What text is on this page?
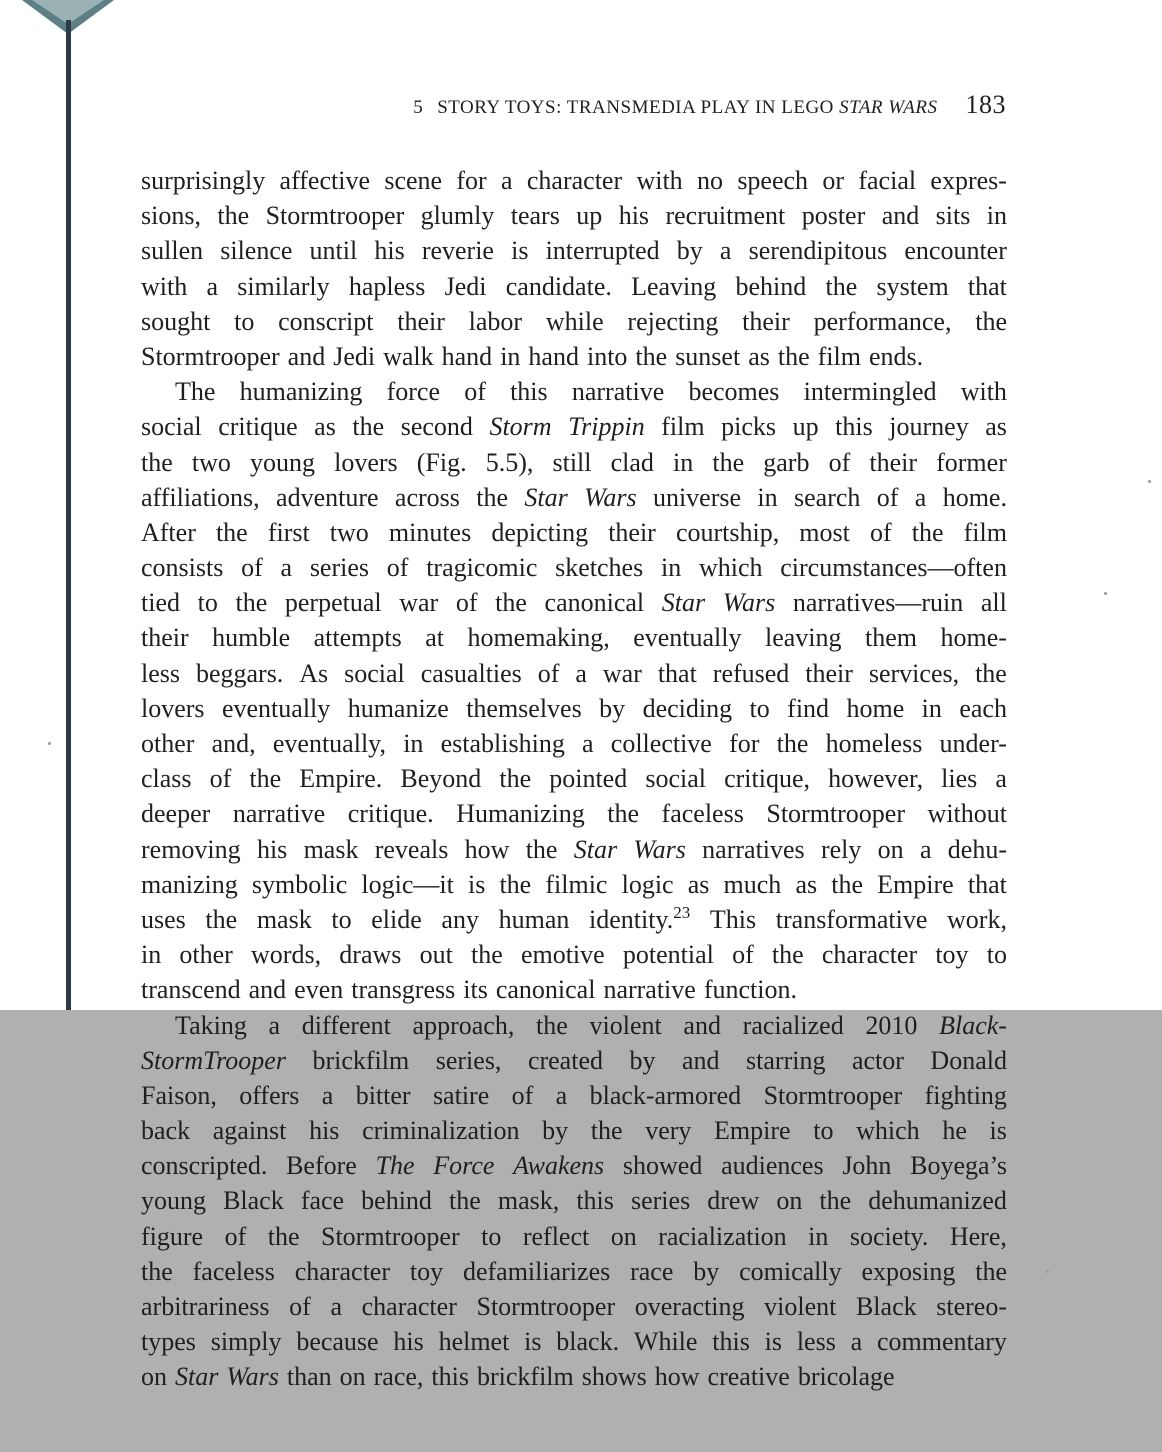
5 STORY TOYS: TRANSMEDIA PLAY IN LEGO STAR WARS 183
surprisingly affective scene for a character with no speech or facial expres-
sions, the Stormtrooper glumly tears up his recruitment poster and sits in
sullen silence until his reverie is interrupted by a serendipitous encounter
with a similarly hapless Jedi candidate. Leaving behind the system that
sought to conscript their labor while rejecting their performance, the
Stormtrooper and Jedi walk hand in hand into the sunset as the film ends.
The humanizing force of this narrative becomes intermingled with
social critique as the second Storm Trippin film picks up this journey as
the two young lovers (Fig. 5.5), still clad in the garb of their former
affiliations, adventure across the Star Wars universe in search of a home.
After the first two minutes depicting their courtship, most of the film
consists of a series of tragicomic sketches in which circumstances—often
tied to the perpetual war of the canonical Star Wars narratives—ruin all
their humble attempts at homemaking, eventually leaving them home-
less beggars. As social casualties of a war that refused their services, the
lovers eventually humanize themselves by deciding to find home in each
other and, eventually, in establishing a collective for the homeless under-
class of the Empire. Beyond the pointed social critique, however, lies a
deeper narrative critique. Humanizing the faceless Stormtrooper without
removing his mask reveals how the Star Wars narratives rely on a dehu-
manizing symbolic logic—it is the filmic logic as much as the Empire that
uses the mask to elide any human identity.$^{23}$ This transformative work,
in other words, draws out the emotive potential of the character toy to
transcend and even transgress its canonical narrative function.
Taking a different approach, the violent and racialized 2010 Black-
StormTrooper brickfilm series, created by and starring actor Donald
Faison, offers a bitter satire of a black-armored Stormtrooper fighting
back against his criminalization by the very Empire to which he is
conscripted. Before The Force Awakens showed audiences John Boyega’s
young Black face behind the mask, this series drew on the dehumanized
figure of the Stormtrooper to reflect on racialization in society. Here,
the faceless character toy defamiliarizes race by comically exposing the
arbitrariness of a character Stormtrooper overacting violent Black stereo-
types simply because his helmet is black. While this is less a commentary
on Star Wars than on race, this brickfilm shows how creative bricolage
